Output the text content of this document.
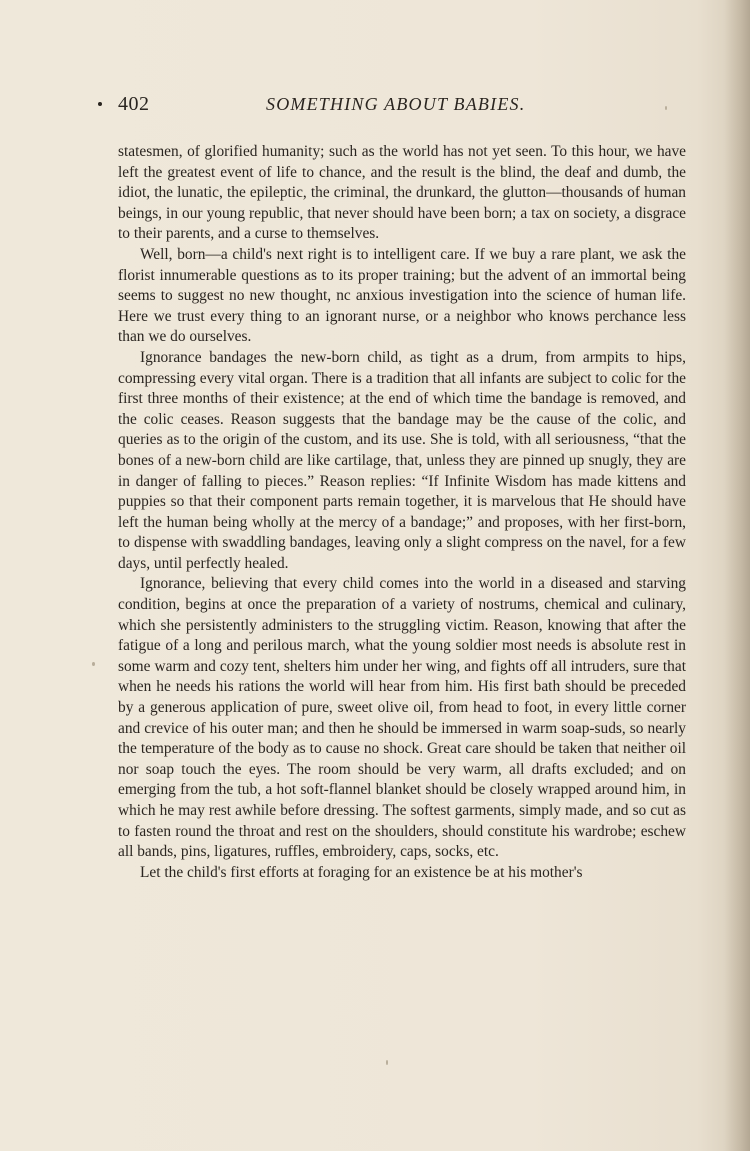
402	SOMETHING ABOUT BABIES.

statesmen, of glorified humanity; such as the world has not yet seen. To this hour, we have left the greatest event of life to chance, and the result is the blind, the deaf and dumb, the idiot, the lunatic, the epileptic, the criminal, the drunkard, the glutton—thousands of human beings, in our young republic, that never should have been born; a tax on society, a disgrace to their parents, and a curse to themselves.

Well, born—a child's next right is to intelligent care. If we buy a rare plant, we ask the florist innumerable questions as to its proper training; but the advent of an immortal being seems to suggest no new thought, nc anxious investigation into the science of human life. Here we trust every thing to an ignorant nurse, or a neighbor who knows perchance less than we do ourselves.

Ignorance bandages the new-born child, as tight as a drum, from armpits to hips, compressing every vital organ. There is a tradition that all infants are subject to colic for the first three months of their existence; at the end of which time the bandage is removed, and the colic ceases. Reason suggests that the bandage may be the cause of the colic, and queries as to the origin of the custom, and its use. She is told, with all seriousness, “that the bones of a new-born child are like cartilage, that, unless they are pinned up snugly, they are in danger of falling to pieces.” Reason replies: “If Infinite Wisdom has made kittens and puppies so that their component parts remain together, it is marvelous that He should have left the human being wholly at the mercy of a bandage;” and proposes, with her first-born, to dispense with swaddling bandages, leaving only a slight compress on the navel, for a few days, until perfectly healed.

Ignorance, believing that every child comes into the world in a diseased and starving condition, begins at once the preparation of a variety of nostrums, chemical and culinary, which she persistently administers to the struggling victim. Reason, knowing that after the fatigue of a long and perilous march, what the young soldier most needs is absolute rest in some warm and cozy tent, shelters him under her wing, and fights off all intruders, sure that when he needs his rations the world will hear from him. His first bath should be preceded by a generous application of pure, sweet olive oil, from head to foot, in every little corner and crevice of his outer man; and then he should be immersed in warm soap-suds, so nearly the temperature of the body as to cause no shock. Great care should be taken that neither oil nor soap touch the eyes. The room should be very warm, all drafts excluded; and on emerging from the tub, a hot soft-flannel blanket should be closely wrapped around him, in which he may rest awhile before dressing. The softest garments, simply made, and so cut as to fasten round the throat and rest on the shoulders, should constitute his wardrobe; eschew all bands, pins, ligatures, ruffles, embroidery, caps, socks, etc.

Let the child's first efforts at foraging for an existence be at his mother's
